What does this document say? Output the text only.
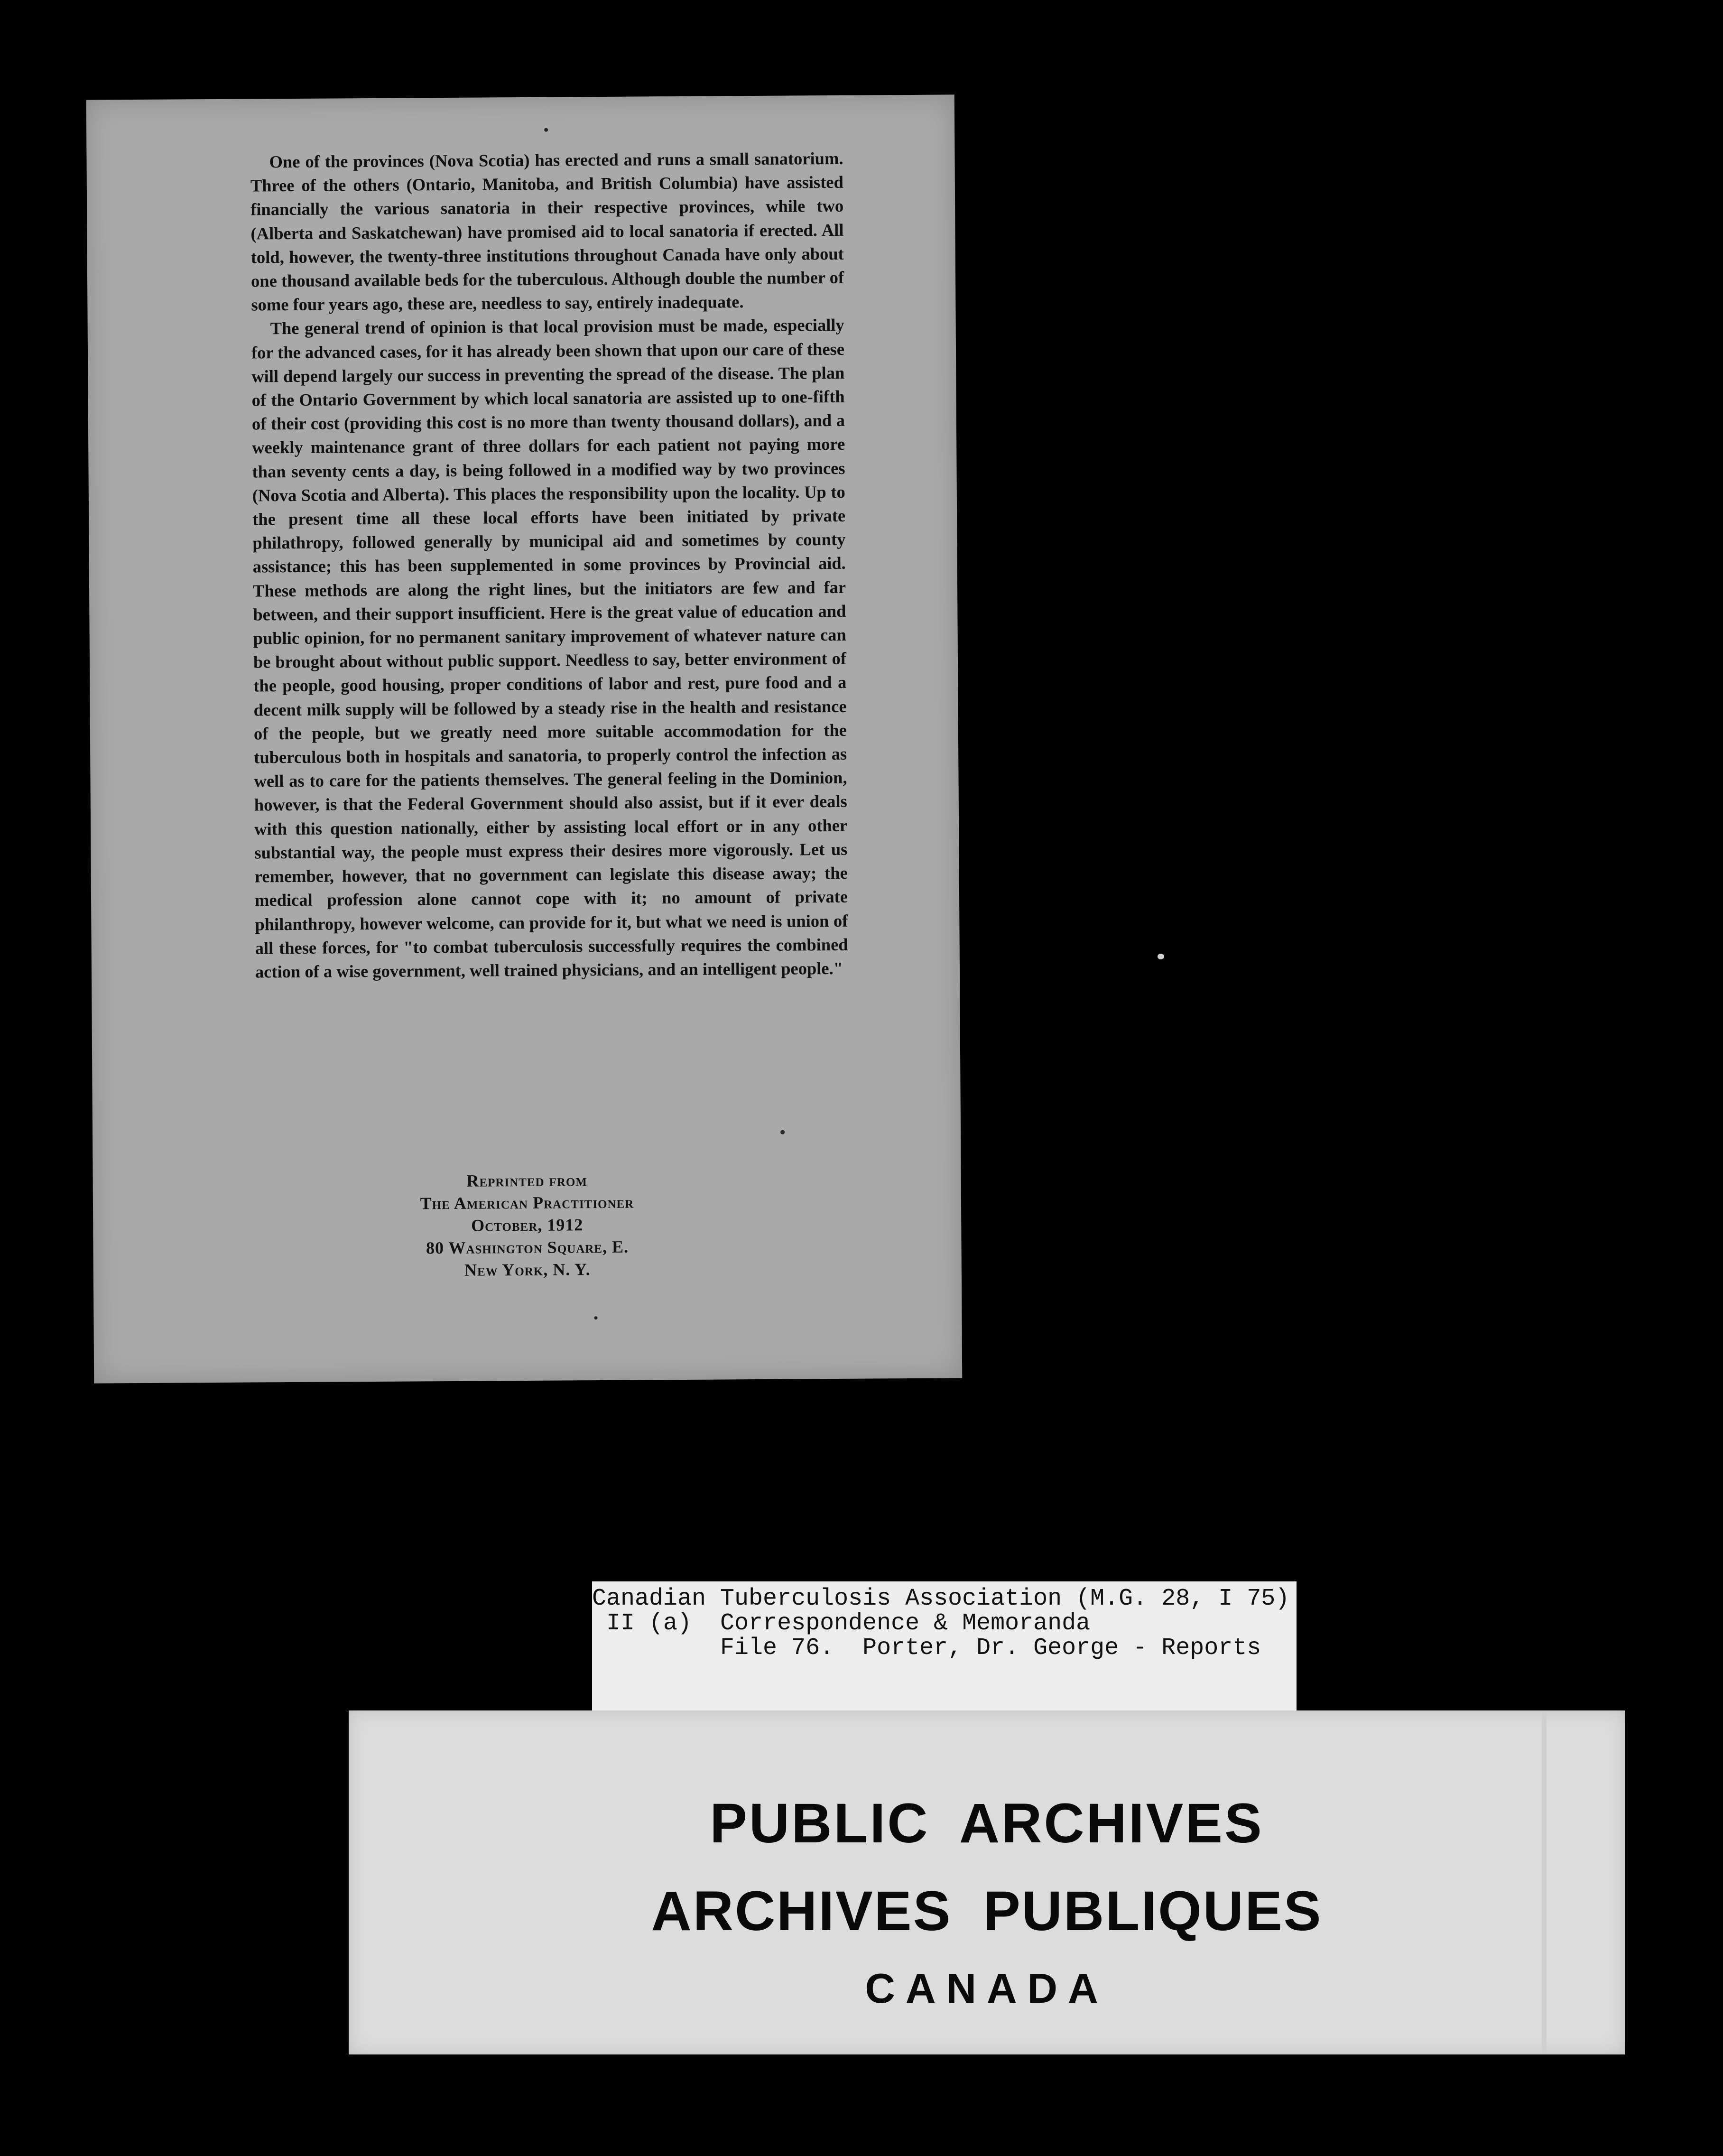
One of the provinces (Nova Scotia) has erected and runs a small sanatorium. Three of the others (Ontario, Manitoba, and British Columbia) have assisted financially the various sanatoria in their respective provinces, while two (Alberta and Saskatchewan) have promised aid to local sanatoria if erected. All told, however, the twenty-three institutions throughout Canada have only about one thousand available beds for the tuberculous. Although double the number of some four years ago, these are, needless to say, entirely inadequate.

The general trend of opinion is that local provision must be made, especially for the advanced cases, for it has already been shown that upon our care of these will depend largely our success in preventing the spread of the disease. The plan of the Ontario Government by which local sanatoria are assisted up to one-fifth of their cost (providing this cost is no more than twenty thousand dollars), and a weekly maintenance grant of three dollars for each patient not paying more than seventy cents a day, is being followed in a modified way by two provinces (Nova Scotia and Alberta). This places the responsibility upon the locality. Up to the present time all these local efforts have been initiated by private philathropy, followed generally by municipal aid and sometimes by county assistance; this has been supplemented in some provinces by Provincial aid. These methods are along the right lines, but the initiators are few and far between, and their support insufficient. Here is the great value of education and public opinion, for no permanent sanitary improvement of whatever nature can be brought about without public support. Needless to say, better environment of the people, good housing, proper conditions of labor and rest, pure food and a decent milk supply will be followed by a steady rise in the health and resistance of the people, but we greatly need more suitable accommodation for the tuberculous both in hospitals and sanatoria, to properly control the infection as well as to care for the patients themselves. The general feeling in the Dominion, however, is that the Federal Government should also assist, but if it ever deals with this question nationally, either by assisting local effort or in any other substantial way, the people must express their desires more vigorously. Let us remember, however, that no government can legislate this disease away; the medical profession alone cannot cope with it; no amount of private philanthropy, however welcome, can provide for it, but what we need is union of all these forces, for "to combat tuberculosis successfully requires the combined action of a wise government, well trained physicians, and an intelligent people."

Reprinted from
The American Practitioner
October, 1912
80 Washington Square, E.
New York, N. Y.
Canadian Tuberculosis Association (M.G. 28, I 75)
II (a)  Correspondence & Memoranda
File 76.  Porter, Dr. George - Reports
PUBLIC ARCHIVES
ARCHIVES PUBLIQUES
CANADA
